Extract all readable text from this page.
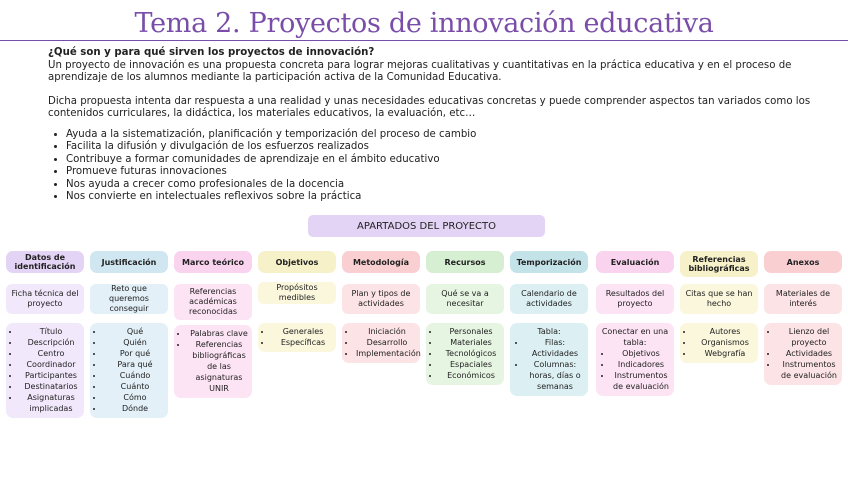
Tema 2. Proyectos de innovación educativa

¿Qué son y para qué sirven los proyectos de innovación?

Un proyecto de innovación es una propuesta concreta para lograr mejoras cualitativas y cuantitativas en la práctica educativa y en el proceso de aprendizaje de los alumnos mediante la participación activa de la Comunidad Educativa.

Dicha propuesta intenta dar respuesta a una realidad y unas necesidades educativas concretas y puede comprender aspectos tan variados como los contenidos curriculares, la didáctica, los materiales educativos, la evaluación, etc…

• Ayuda a la sistematización, planificación y temporización del proceso de cambio
• Facilita la difusión y divulgación de los esfuerzos realizados
• Contribuye a formar comunidades de aprendizaje en el ámbito educativo
• Promueve futuras innovaciones
• Nos ayuda a crecer como profesionales de la docencia
• Nos convierte en intelectuales reflexivos sobre la práctica
APARTADOS DEL PROYECTO
Datos de identificación
Ficha técnica del proyecto
• Título
• Descripción
• Centro
• Coordinador
• Participantes
• Destinatarios
• Asignaturas implicadas
Justificación
Reto que queremos conseguir
• Qué
• Quién
• Por qué
• Para qué
• Cuándo
• Cuánto
• Cómo
• Dónde
Marco teórico
Referencias académicas reconocidas
• Palabras clave
• Referencias bibliográficas de las asignaturas UNIR
Objetivos
Propósitos medibles
• Generales
• Específicas
Metodología
Plan y tipos de actividades
• Iniciación
• Desarrollo
• Implementación
Recursos
Qué se va a necesitar
• Personales
• Materiales
• Tecnológicos
• Espaciales
• Económicos
Temporización
Calendario de actividades
Tabla:
• Filas: Actividades
• Columnas: horas, días o semanas
Evaluación
Resultados del proyecto
Conectar en una tabla:
• Objetivos
• Indicadores
• Instrumentos de evaluación
Referencias bibliográficas
Citas que se han hecho
• Autores
• Organismos
• Webgrafía
Anexos
Materiales de interés
• Lienzo del proyecto
• Actividades
• Instrumentos de evaluación
